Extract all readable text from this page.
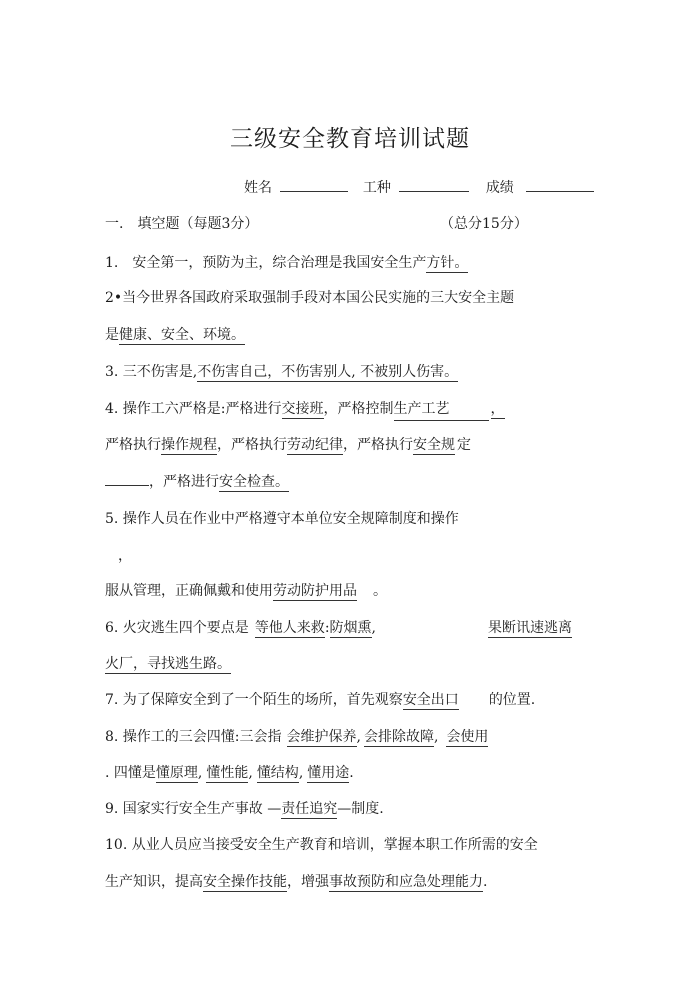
三级安全教育培训试题
姓名	工种	成绩
一.　填空题（每题3分）	（总分15分）
1.　安全第一，预防为主，综合治理是我国安全生产方针。
2•当今世界各国政府采取强制手段对本国公民实施的三大安全主题
是健康、安全、环境。
3. 三不伤害是,不伤害自己，不伤害别人, 不被别人伤害。
4. 操作工六严格是:严格进行交接班，严格控制生产工艺	，
严格执行操作规程，严格执行劳动纪律，严格执行安全规 定
，严格进行安全检查。
5. 操作人员在作业中严格遵守本单位安全规障制度和操作
，
服从管理，正确佩戴和使用劳动防护用品 。
6. 火灾逃生四个要点是 等他人来救:防烟熏,	果断讯速逃离
火厂，寻找逃生路。
7. 为了保障安全到了一个陌生的场所，首先观察安全出口 的位置.
8. 操作工的三会四懂:三会指 会维护保养, 会排除故障, 会使用
. 四懂是懂原理, 懂性能, 懂结构, 懂用途.
9. 国家实行安全生产事故 —责任追究—制度.
10. 从业人员应当接受安全生产教育和培训，掌握本职工作所需的安全
生产知识，提高安全操作技能，增强事故预防和应急处理能力.
